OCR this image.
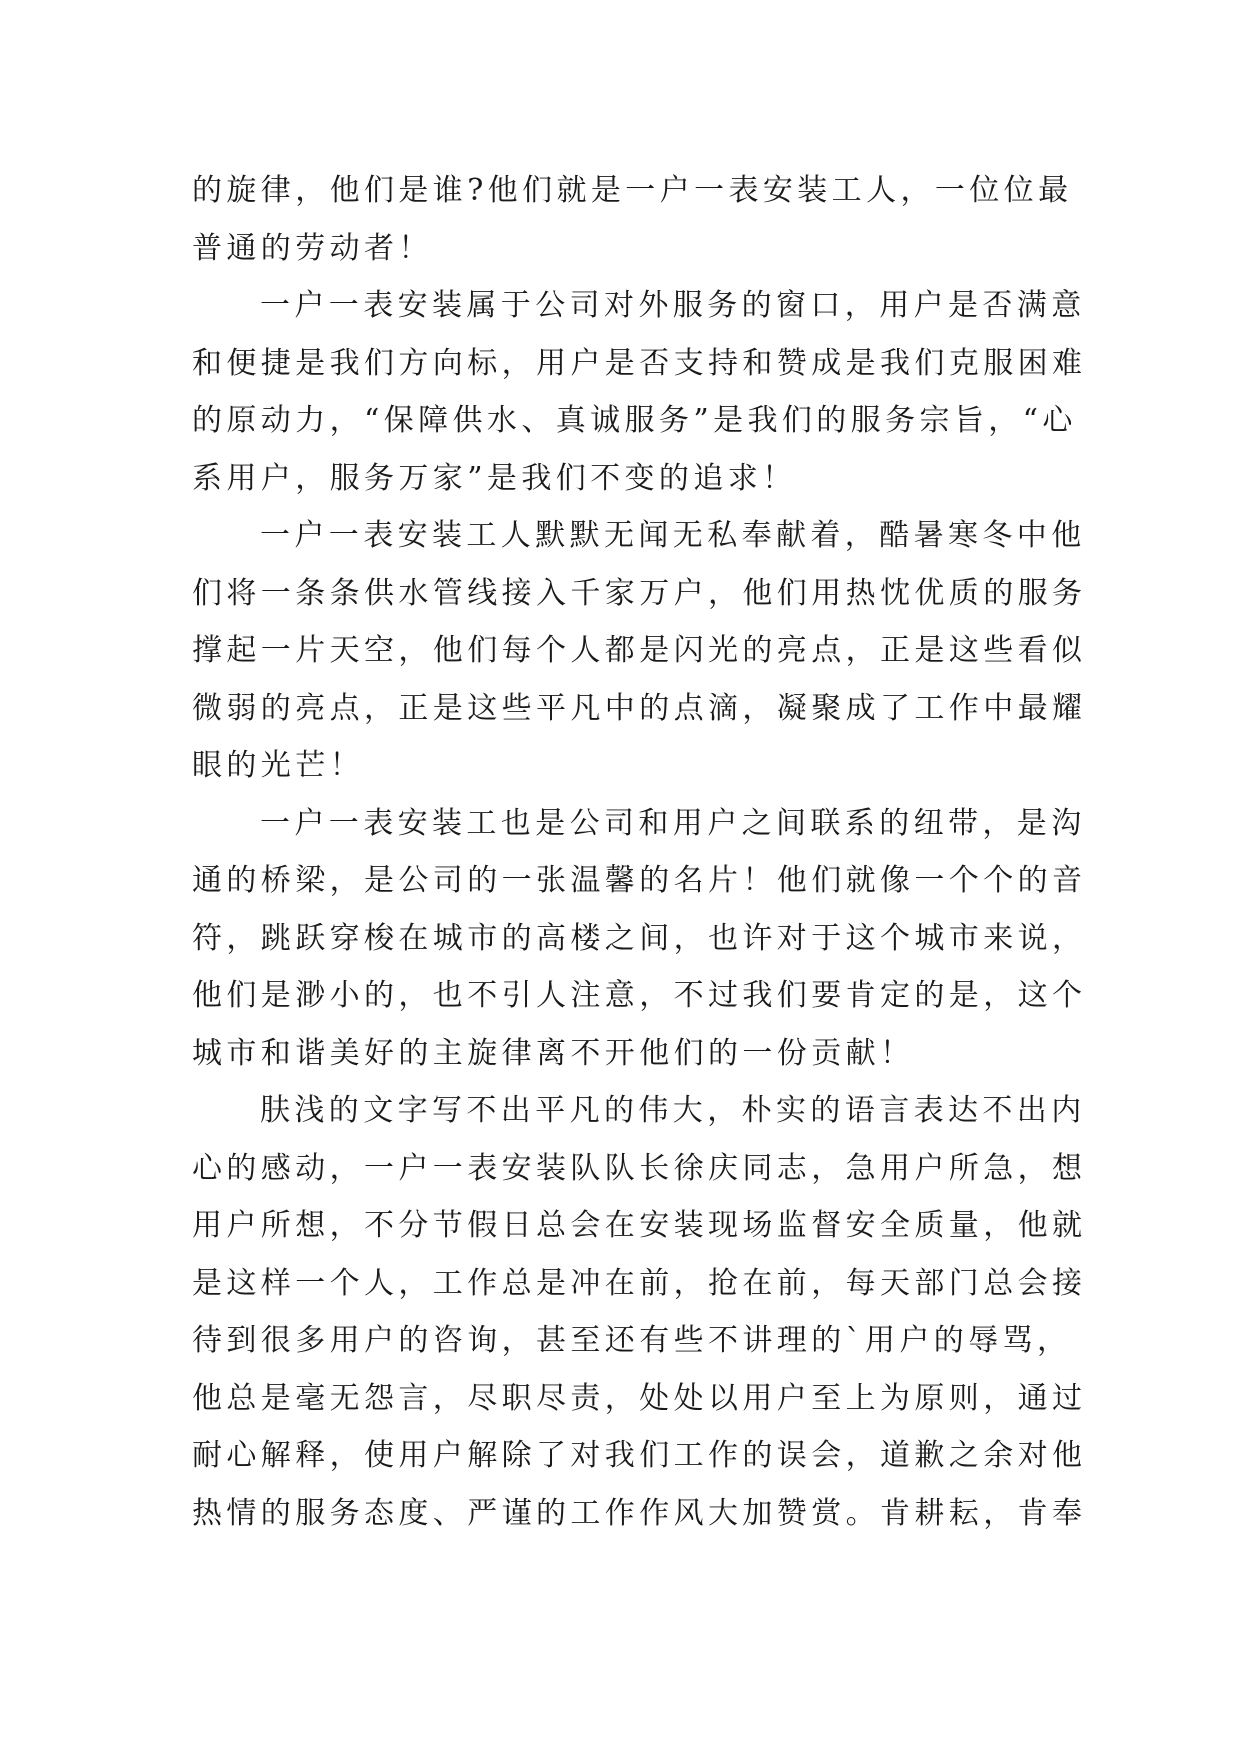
的旋律，他们是谁?他们就是一户一表安装工人，一位位最
普通的劳动者！
一户一表安装属于公司对外服务的窗口，用户是否满意
和便捷是我们方向标，用户是否支持和赞成是我们克服困难
的原动力，“保障供水、真诚服务”是我们的服务宗旨，“心
系用户，服务万家”是我们不变的追求！
一户一表安装工人默默无闻无私奉献着，酷暑寒冬中他
们将一条条供水管线接入千家万户，他们用热忱优质的服务
撑起一片天空，他们每个人都是闪光的亮点，正是这些看似
微弱的亮点，正是这些平凡中的点滴，凝聚成了工作中最耀
眼的光芒！
一户一表安装工也是公司和用户之间联系的纽带，是沟
通的桥梁，是公司的一张温馨的名片！他们就像一个个的音
符，跳跃穿梭在城市的高楼之间，也许对于这个城市来说，
他们是渺小的，也不引人注意，不过我们要肯定的是，这个
城市和谐美好的主旋律离不开他们的一份贡献！
肤浅的文字写不出平凡的伟大，朴实的语言表达不出内
心的感动，一户一表安装队队长徐庆同志，急用户所急，想
用户所想，不分节假日总会在安装现场监督安全质量，他就
是这样一个人，工作总是冲在前，抢在前，每天部门总会接
待到很多用户的咨询，甚至还有些不讲理的`用户的辱骂，
他总是毫无怨言，尽职尽责，处处以用户至上为原则，通过
耐心解释，使用户解除了对我们工作的误会，道歉之余对他
热情的服务态度、严谨的工作作风大加赞赏。肯耕耘，肯奉
